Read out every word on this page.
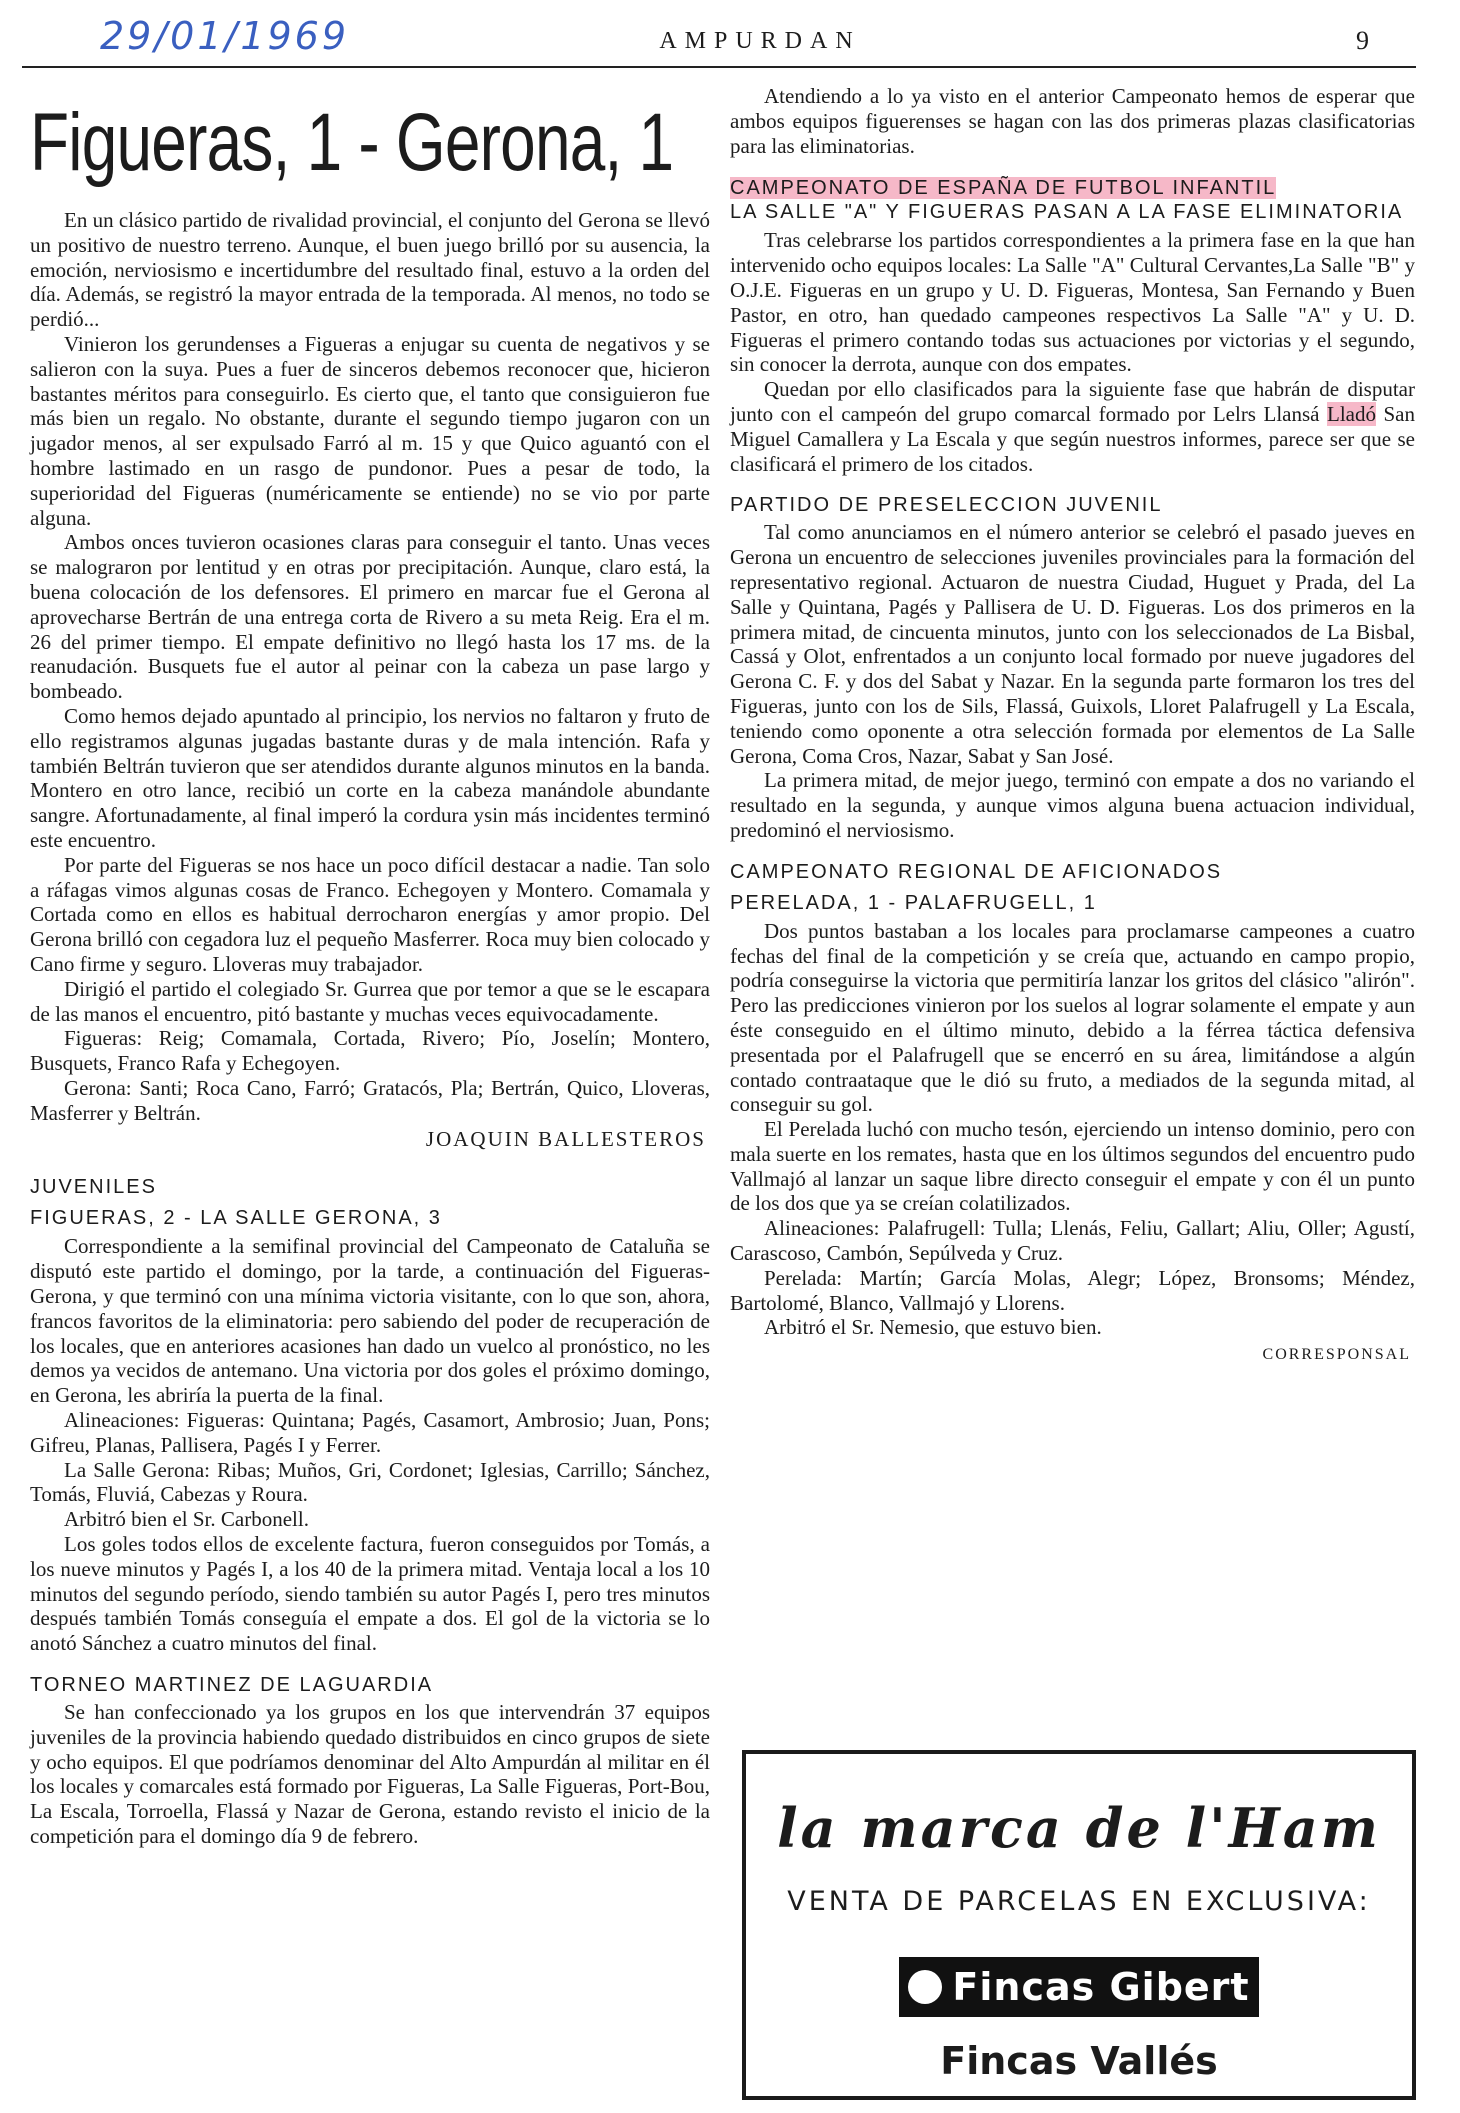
29/01/1969	AMPURDAN	9
Figueras, 1 - Gerona, 1

En un clásico partido de rivalidad provincial, el conjunto del Gerona se llevó un positivo de nuestro terreno. Aunque, el buen juego brilló por su ausencia, la emoción, nerviosismo e incertidumbre del resultado final, estuvo a la orden del día. Además, se registró la mayor entrada de la temporada. Al menos, no todo se perdió...

Vinieron los gerundenses a Figueras a enjugar su cuenta de negativos y se salieron con la suya. Pues a fuer de sinceros debemos reconocer que, hicieron bastantes méritos para conseguirlo. Es cierto que, el tanto que consiguieron fue más bien un regalo. No obstante, durante el segundo tiempo jugaron con un jugador menos, al ser expulsado Farró al m. 15 y que Quico aguantó con el hombre lastimado en un rasgo de pundonor. Pues a pesar de todo, la superioridad del Figueras (numéricamente se entiende) no se vio por parte alguna.

Ambos onces tuvieron ocasiones claras para conseguir el tanto. Unas veces se malograron por lentitud y en otras por precipitación. Aunque, claro está, la buena colocación de los defensores. El primero en marcar fue el Gerona al aprovecharse Bertrán de una entrega corta de Rivero a su meta Reig. Era el m. 26 del primer tiempo. El empate definitivo no llegó hasta los 17 ms. de la reanudación. Busquets fue el autor al peinar con la cabeza un pase largo y bombeado.

Como hemos dejado apuntado al principio, los nervios no faltaron y fruto de ello registramos algunas jugadas bastante duras y de mala intención. Rafa y también Beltrán tuvieron que ser atendidos durante algunos minutos en la banda. Montero en otro lance, recibió un corte en la cabeza manándole abundante sangre. Afortunadamente, al final imperó la cordura ysin más incidentes terminó este encuentro.

Por parte del Figueras se nos hace un poco difícil destacar a nadie. Tan solo a ráfagas vimos algunas cosas de Franco. Echegoyen y Montero. Comamala y Cortada como en ellos es habitual derrocharon energías y amor propio. Del Gerona brilló con cegadora luz el pequeño Masferrer. Roca muy bien colocado y Cano firme y seguro. Lloveras muy trabajador.

Dirigió el partido el colegiado Sr. Gurrea que por temor a que se le escapara de las manos el encuentro, pitó bastante y muchas veces equivocadamente.

Figueras: Reig; Comamala, Cortada, Rivero; Pío, Joselín; Montero, Busquets, Franco Rafa y Echegoyen.

Gerona: Santi; Roca Cano, Farró; Gratacós, Pla; Bertrán, Quico, Lloveras, Masferrer y Beltrán.

JOAQUIN BALLESTEROS
JUVENILES
FIGUERAS, 2 - LA SALLE GERONA, 3

Correspondiente a la semifinal provincial del Campeonato de Cataluña se disputó este partido el domingo, por la tarde, a continuación del Figueras-Gerona, y que terminó con una mínima victoria visitante, con lo que son, ahora, francos favoritos de la eliminatoria: pero sabiendo del poder de recuperación de los locales, que en anteriores acasiones han dado un vuelco al pronóstico, no les demos ya vecidos de antemano. Una victoria por dos goles el próximo domingo, en Gerona, les abriría la puerta de la final.

Alineaciones: Figueras: Quintana; Pagés, Casamort, Ambrosio; Juan, Pons; Gifreu, Planas, Pallisera, Pagés I y Ferrer.

La Salle Gerona: Ribas; Muños, Gri, Cordonet; Iglesias, Carrillo; Sánchez, Tomás, Fluviá, Cabezas y Roura.

Arbitró bien el Sr. Carbonell.

Los goles todos ellos de excelente factura, fueron conseguidos por Tomás, a los nueve minutos y Pagés I, a los 40 de la primera mitad. Ventaja local a los 10 minutos del segundo período, siendo también su autor Pagés I, pero tres minutos después también Tomás conseguía el empate a dos. El gol de la victoria se lo anotó Sánchez a cuatro minutos del final.

TORNEO MARTINEZ DE LAGUARDIA

Se han confeccionado ya los grupos en los que intervendrán 37 equipos juveniles de la provincia habiendo quedado distribuidos en cinco grupos de siete y ocho equipos. El que podríamos denominar del Alto Ampurdán al militar en él los locales y comarcales está formado por Figueras, La Salle Figueras, Port-Bou, La Escala, Torroella, Flassá y Nazar de Gerona, estando revisto el inicio de la competición para el domingo día 9 de febrero.

Atendiendo a lo ya visto en el anterior Campeonato hemos de esperar que ambos equipos figuerenses se hagan con las dos primeras plazas clasificatorias para las eliminatorias.

CAMPEONATO DE ESPAÑA DE FUTBOL INFANTIL
LA SALLE "A" Y FIGUERAS PASAN A LA FASE ELIMINATORIA

Tras celebrarse los partidos correspondientes a la primera fase en la que han intervenido ocho equipos locales: La Salle "A" Cultural Cervantes,La Salle "B" y O.J.E. Figueras en un grupo y U. D. Figueras, Montesa, San Fernando y Buen Pastor, en otro, han quedado campeones respectivos La Salle "A" y U. D. Figueras el primero contando todas sus actuaciones por victorias y el segundo, sin conocer la derrota, aunque con dos empates.

Quedan por ello clasificados para la siguiente fase que habrán de disputar junto con el campeón del grupo comarcal formado por Lelrs Llansá Lladó San Miguel Camallera y La Escala y que según nuestros informes, parece ser que se clasificará el primero de los citados.

PARTIDO DE PRESELECCION JUVENIL

Tal como anunciamos en el número anterior se celebró el pasado jueves en Gerona un encuentro de selecciones juveniles provinciales para la formación del representativo regional. Actuaron de nuestra Ciudad, Huguet y Prada, del La Salle y Quintana, Pagés y Pallisera de U. D. Figueras. Los dos primeros en la primera mitad, de cincuenta minutos, junto con los seleccionados de La Bisbal, Cassá y Olot, enfrentados a un conjunto local formado por nueve jugadores del Gerona C. F. y dos del Sabat y Nazar. En la segunda parte formaron los tres del Figueras, junto con los de Sils, Flassá, Guixols, Lloret Palafrugell y La Escala, teniendo como oponente a otra selección formada por elementos de La Salle Gerona, Coma Cros, Nazar, Sabat y San José.

La primera mitad, de mejor juego, terminó con empate a dos no variando el resultado en la segunda, y aunque vimos alguna buena actuacion individual, predominó el nerviosismo.

CAMPEONATO REGIONAL DE AFICIONADOS
PERELADA, 1 - PALAFRUGELL, 1

Dos puntos bastaban a los locales para proclamarse campeones a cuatro fechas del final de la competición y se creía que, actuando en campo propio, podría conseguirse la victoria que permitiría lanzar los gritos del clásico "alirón". Pero las predicciones vinieron por los suelos al lograr solamente el empate y aun éste conseguido en el último minuto, debido a la férrea táctica defensiva presentada por el Palafrugell que se encerró en su área, limitándose a algún contado contraataque que le dió su fruto, a mediados de la segunda mitad, al conseguir su gol.

El Perelada luchó con mucho tesón, ejerciendo un intenso dominio, pero con mala suerte en los remates, hasta que en los últimos segundos del encuentro pudo Vallmajó al lanzar un saque libre directo conseguir el empate y con él un punto de los dos que ya se creían colatilizados.

Alineaciones: Palafrugell: Tulla; Llenás, Feliu, Gallart; Aliu, Oller; Agustí, Carascoso, Cambón, Sepúlveda y Cruz.

Perelada: Martín; García Molas, Alegr; López, Bronsoms; Méndez, Bartolomé, Blanco, Vallmajó y Llorens.

Arbitró el Sr. Nemesio, que estuvo bien.

CORRESPONSAL
la marca de l'Ham
VENTA DE PARCELAS EN EXCLUSIVA:
Fincas Gibert
Fincas Vallés
